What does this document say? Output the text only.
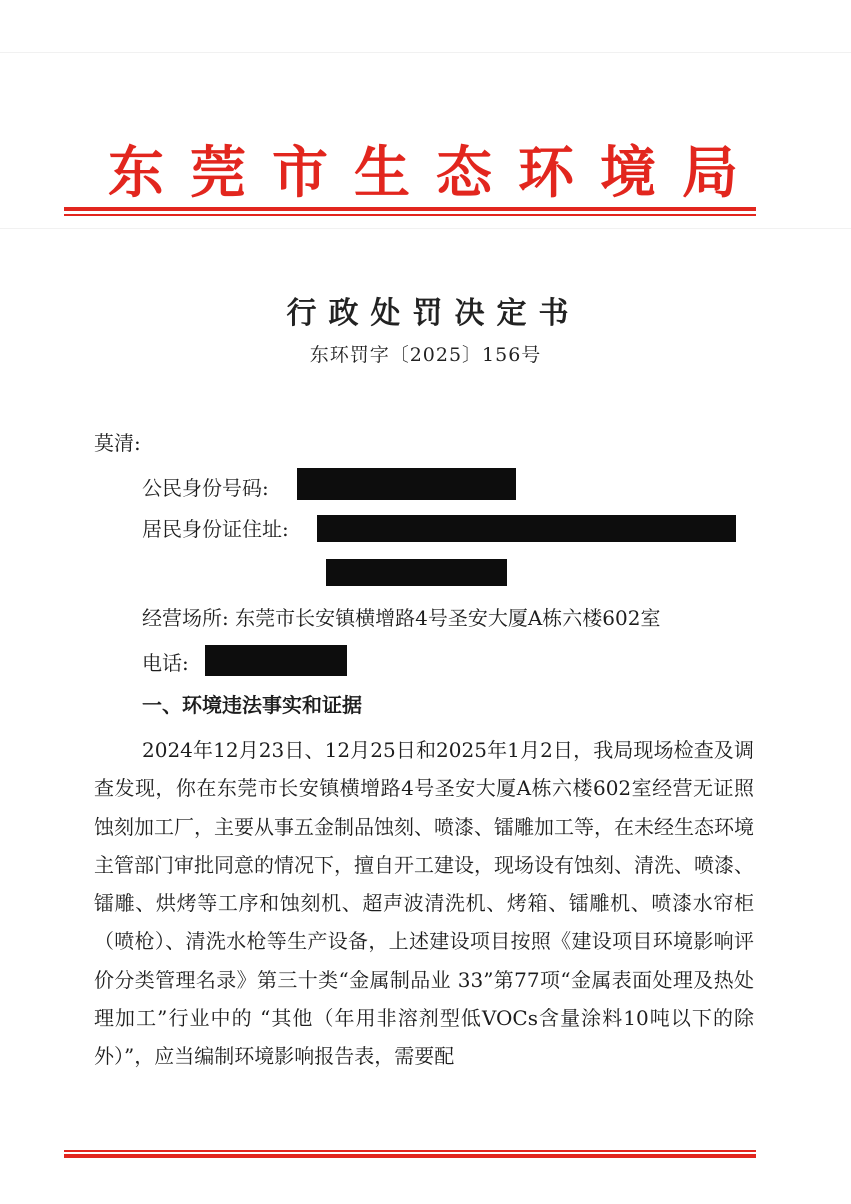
东莞市生态环境局
行政处罚决定书
东环罚字〔2025〕156号
莫清:
公民身份号码:
居民身份证住址:
经营场所: 东莞市长安镇横增路4号圣安大厦A栋六楼602室
电话:
一、环境违法事实和证据
2024年12月23日、12月25日和2025年1月2日，我局现场检查及调查发现，你在东莞市长安镇横增路4号圣安大厦A栋六楼602室经营无证照蚀刻加工厂，主要从事五金制品蚀刻、喷漆、镭雕加工等，在未经生态环境主管部门审批同意的情况下，擅自开工建设，现场设有蚀刻、清洗、喷漆、镭雕、烘烤等工序和蚀刻机、超声波清洗机、烤箱、镭雕机、喷漆水帘柜（喷枪）、清洗水枪等生产设备，上述建设项目按照《建设项目环境影响评价分类管理名录》第三十类“金属制品业 33”第77项“金属表面处理及热处理加工”行业中的 “其他（年用非溶剂型低VOCs含量涂料10吨以下的除外）”，应当编制环境影响报告表，需要配
